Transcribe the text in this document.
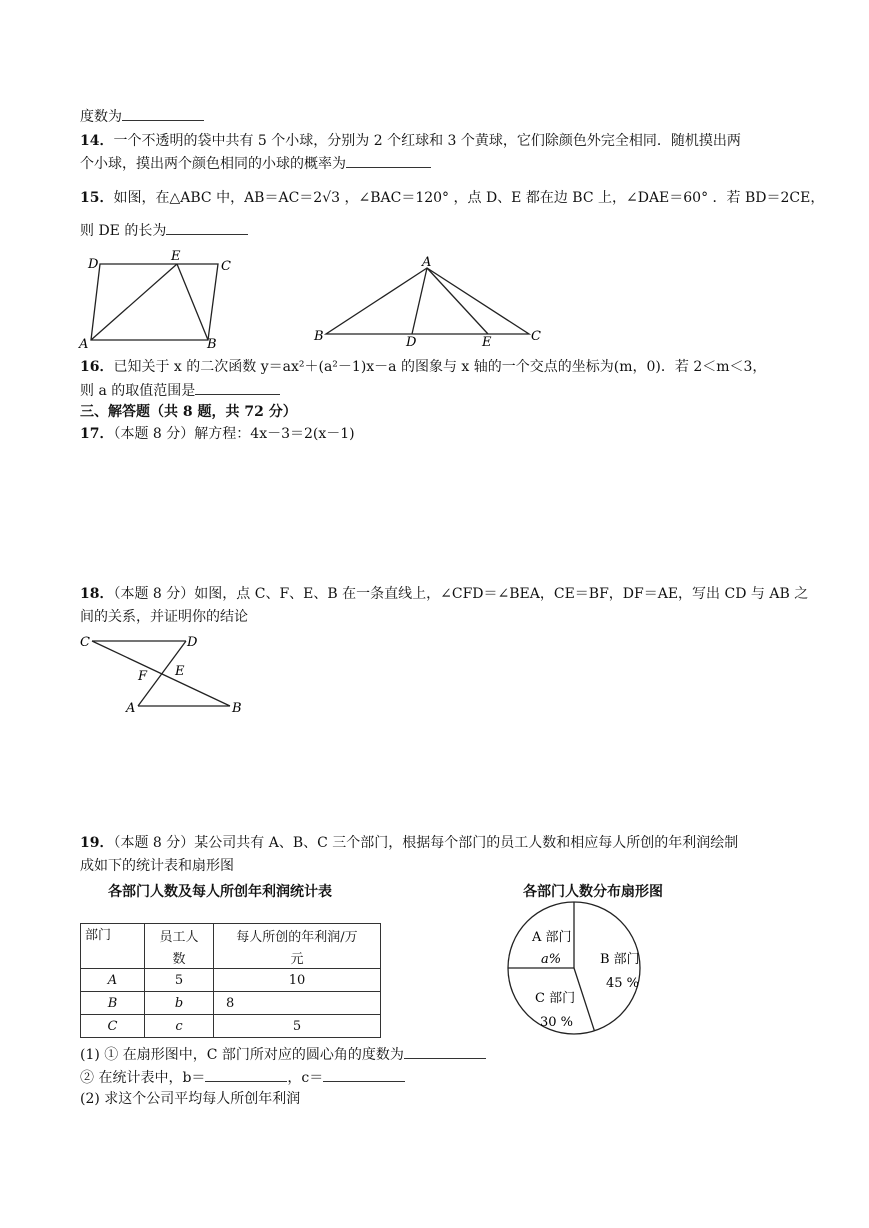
度数为
14．一个不透明的袋中共有 5 个小球，分别为 2 个红球和 3 个黄球，它们除颜色外完全相同．随机摸出两
个小球，摸出两个颜色相同的小球的概率为
15．如图，在△ABC 中，AB＝AC＝2√3 ，∠BAC＝120° ，点 D、E 都在边 BC 上，∠DAE＝60° ．若 BD＝2CE，
则 DE 的长为
D
E
C
A	B
A
B	D	E	C
C	D
F E
A	B
A 部门
a%	B 部门
45 %
C 部门
30 %
16．已知关于 x 的二次函数 y＝ax²＋(a²－1)x－a 的图象与 x 轴的一个交点的坐标为(m，0)．若 2＜m＜3，
则 a 的取值范围是
三、解答题（共 8 题，共 72 分）
17．（本题 8 分）解方程：4x－3＝2(x－1)
18．（本题 8 分）如图，点 C、F、E、B 在一条直线上，∠CFD＝∠BEA，CE＝BF，DF＝AE，写出 CD 与 AB 之
间的关系，并证明你的结论
19．（本题 8 分）某公司共有 A、B、C 三个部门，根据每个部门的员工人数和相应每人所创的年利润绘制
成如下的统计表和扇形图
各部门人数及每人所创年利润统计表	各部门人数分布扇形图
部门	员工人	每人所创的年利润/万
	数	元
A	5	10
B	b	8
C	c	5
(1) ① 在扇形图中，C 部门所对应的圆心角的度数为
② 在统计表中，b＝	，c＝
(2) 求这个公司平均每人所创年利润
